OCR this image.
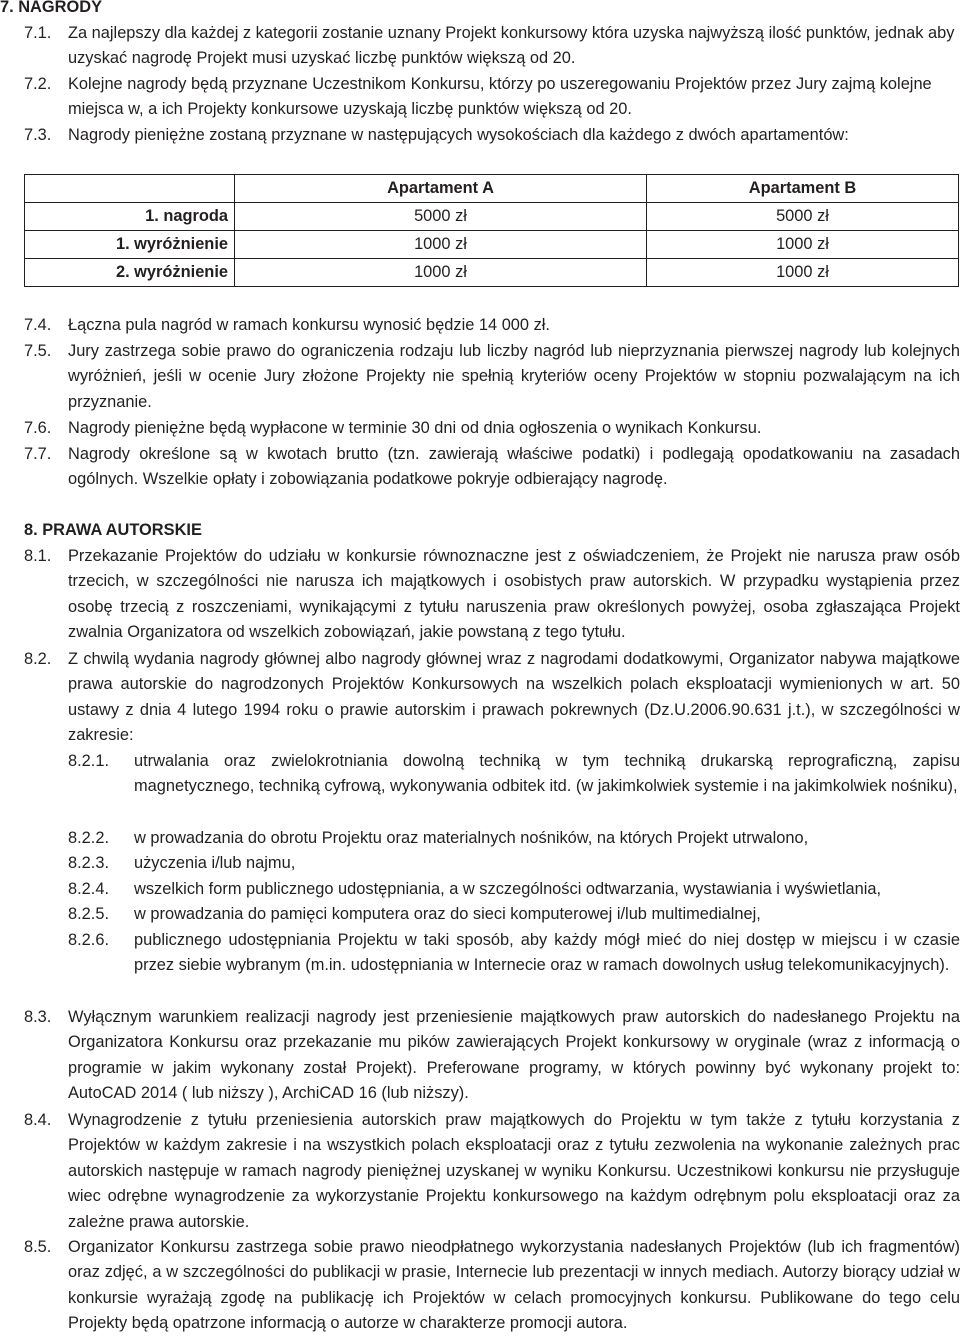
7. NAGRODY
7.1.	Za najlepszy dla każdej z kategorii zostanie uznany Projekt konkursowy która uzyska najwyższą ilość punktów, jednak aby uzyskać nagrodę Projekt musi uzyskać liczbę punktów większą od 20.
7.2.	Kolejne nagrody będą przyznane Uczestnikom Konkursu, którzy po uszeregowaniu Projektów przez Jury zajmą kolejne miejsca w, a ich Projekty konkursowe uzyskają liczbę punktów większą od 20.
7.3.	Nagrody pieniężne zostaną przyznane w następujących wysokościach dla każdego z dwóch apartamentów:
	Apartament A	Apartament B
1. nagroda	5000 zł	5000 zł
1. wyróżnienie	1000 zł	1000 zł
2. wyróżnienie	1000 zł	1000 zł
7.4.	Łączna pula nagród w ramach konkursu wynosić będzie 14 000 zł.
7.5.	Jury zastrzega sobie prawo do ograniczenia rodzaju lub liczby nagród lub nieprzyznania pierwszej nagrody lub kolejnych wyróżnień, jeśli w ocenie Jury złożone Projekty nie spełnią kryteriów oceny Projektów w stopniu pozwalającym na ich przyznanie.
7.6.	Nagrody pieniężne będą wypłacone w terminie 30 dni od dnia ogłoszenia o wynikach Konkursu.
7.7.	Nagrody określone są w kwotach brutto (tzn. zawierają właściwe podatki) i podlegają opodatkowaniu na zasadach ogólnych. Wszelkie opłaty i zobowiązania podatkowe pokryje odbierający nagrodę.
8. PRAWA AUTORSKIE
8.1.	Przekazanie Projektów do udziału w konkursie równoznaczne jest z oświadczeniem, że Projekt nie narusza praw osób trzecich, w szczególności nie narusza ich majątkowych i osobistych praw autorskich. W przypadku wystąpienia przez osobę trzecią z roszczeniami, wynikającymi z tytułu naruszenia praw określonych powyżej, osoba zgłaszająca Projekt zwalnia Organizatora od wszelkich zobowiązań, jakie powstaną z tego tytułu.
8.2.	Z chwilą wydania nagrody głównej albo nagrody głównej wraz z nagrodami dodatkowymi, Organizator nabywa majątkowe prawa autorskie do nagrodzonych Projektów Konkursowych na wszelkich polach eksploatacji wymienionych w art. 50 ustawy z dnia 4 lutego 1994 roku o prawie autorskim i prawach pokrewnych (Dz.U.2006.90.631 j.t.), w szczególności w zakresie:
8.2.1.	utrwalania oraz zwielokrotniania dowolną techniką w tym techniką drukarską reprograficzną, zapisu magnetycznego, techniką cyfrową, wykonywania odbitek itd. (w jakimkolwiek systemie i na jakimkolwiek nośniku),
8.2.2.	w prowadzania do obrotu Projektu oraz materialnych nośników, na których Projekt utrwalono,
8.2.3.	użyczenia i/lub najmu,
8.2.4.	wszelkich form publicznego udostępniania, a w szczególności odtwarzania, wystawiania i wyświetlania,
8.2.5.	w prowadzania do pamięci komputera oraz do sieci komputerowej i/lub multimedialnej,
8.2.6.	publicznego udostępniania Projektu w taki sposób, aby każdy mógł mieć do niej dostęp w miejscu i w czasie przez siebie wybranym (m.in. udostępniania w Internecie oraz w ramach dowolnych usług telekomunikacyjnych).
8.3.	Wyłącznym warunkiem realizacji nagrody jest przeniesienie majątkowych praw autorskich do nadesłanego Projektu na Organizatora Konkursu oraz przekazanie mu pików zawierających Projekt konkursowy w oryginale (wraz z informacją o programie w jakim wykonany został Projekt). Preferowane programy, w których powinny być wykonany projekt to: AutoCAD 2014 ( lub niższy ), ArchiCAD 16 (lub niższy).
8.4.	Wynagrodzenie z tytułu przeniesienia autorskich praw majątkowych do Projektu w tym także z tytułu korzystania z Projektów w każdym zakresie i na wszystkich polach eksploatacji oraz z tytułu zezwolenia na wykonanie zależnych prac autorskich następuje w ramach nagrody pieniężnej uzyskanej w wyniku Konkursu. Uczestnikowi konkursu nie przysługuje wiec odrębne wynagrodzenie za wykorzystanie Projektu konkursowego na każdym odrębnym polu eksploatacji oraz za zależne prawa autorskie.
8.5.	Organizator Konkursu zastrzega sobie prawo nieodpłatnego wykorzystania nadesłanych Projektów (lub ich fragmentów) oraz zdjęć, a w szczególności do publikacji w prasie, Internecie lub prezentacji w innych mediach. Autorzy biorący udział w konkursie wyrażają zgodę na publikację ich Projektów w celach promocyjnych konkursu. Publikowane do tego celu Projekty będą opatrzone informacją o autorze w charakterze promocji autora.
